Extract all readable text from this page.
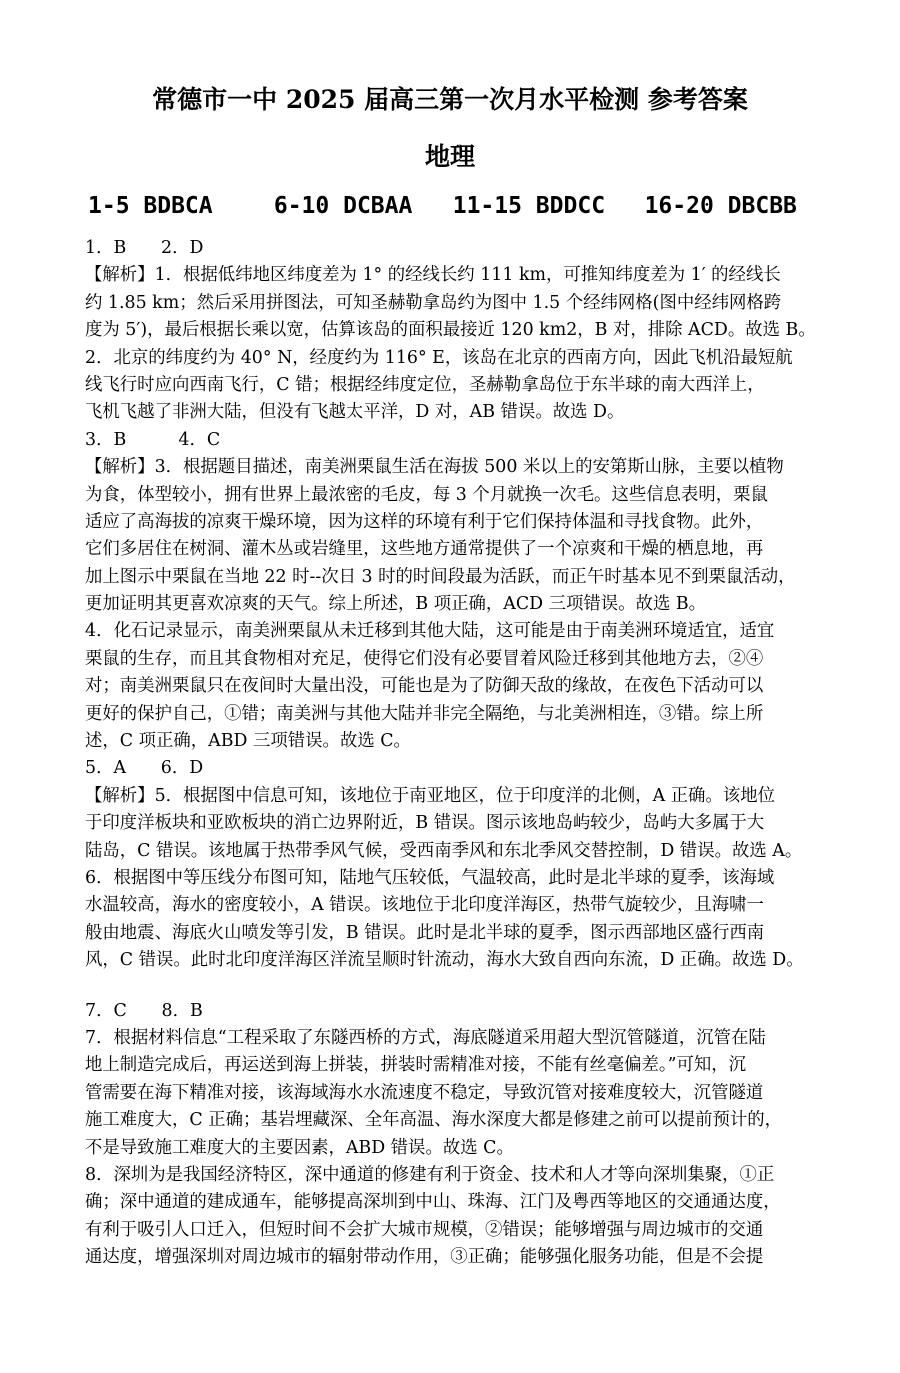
常德市一中 2025 届高三第一次月水平检测 参考答案
地理
1-5 BDBCA	6-10 DCBAA 11-15 BDDCC 16-20 DBCBB
1．B　　2．D
【解析】1．根据低纬地区纬度差为 1° 的经线长约 111 km，可推知纬度差为 1′ 的经线长
约 1.85 km；然后采用拼图法，可知圣赫勒拿岛约为图中 1.5 个经纬网格(图中经纬网格跨
度为 5′)，最后根据长乘以宽，估算该岛的面积最接近 120 km2，B 对，排除 ACD。故选 B。
2．北京的纬度约为 40° N，经度约为 116° E，该岛在北京的西南方向，因此飞机沿最短航
线飞行时应向西南飞行，C 错；根据经纬度定位，圣赫勒拿岛位于东半球的南大西洋上，
飞机飞越了非洲大陆，但没有飞越太平洋，D 对，AB 错误。故选 D。
3．B　　　4．C
【解析】3．根据题目描述，南美洲栗鼠生活在海拔 500 米以上的安第斯山脉，主要以植物
为食，体型较小，拥有世界上最浓密的毛皮，每 3 个月就换一次毛。这些信息表明，栗鼠
适应了高海拔的凉爽干燥环境，因为这样的环境有利于它们保持体温和寻找食物。此外，
它们多居住在树洞、灌木丛或岩缝里，这些地方通常提供了一个凉爽和干燥的栖息地，再
加上图示中栗鼠在当地 22 时--次日 3 时的时间段最为活跃，而正午时基本见不到栗鼠活动，
更加证明其更喜欢凉爽的天气。综上所述，B 项正确，ACD 三项错误。故选 B。
4．化石记录显示，南美洲栗鼠从未迁移到其他大陆，这可能是由于南美洲环境适宜，适宜
栗鼠的生存，而且其食物相对充足，使得它们没有必要冒着风险迁移到其他地方去，②④
对；南美洲栗鼠只在夜间时大量出没，可能也是为了防御天敌的缘故，在夜色下活动可以
更好的保护自己，①错；南美洲与其他大陆并非完全隔绝，与北美洲相连，③错。综上所
述，C 项正确，ABD 三项错误。故选 C。
5．A　　6．D
【解析】5．根据图中信息可知，该地位于南亚地区，位于印度洋的北侧，A 正确。该地位
于印度洋板块和亚欧板块的消亡边界附近，B 错误。图示该地岛屿较少，岛屿大多属于大
陆岛，C 错误。该地属于热带季风气候，受西南季风和东北季风交替控制，D 错误。故选 A。
6．根据图中等压线分布图可知，陆地气压较低，气温较高，此时是北半球的夏季，该海域
水温较高，海水的密度较小，A 错误。该地位于北印度洋海区，热带气旋较少，且海啸一
般由地震、海底火山喷发等引发，B 错误。此时是北半球的夏季，图示西部地区盛行西南
风，C 错误。此时北印度洋海区洋流呈顺时针流动，海水大致自西向东流，D 正确。故选 D。
7．C　　8．B
7．根据材料信息“工程采取了东隧西桥的方式，海底隧道采用超大型沉管隧道，沉管在陆
地上制造完成后，再运送到海上拼装，拼装时需精准对接，不能有丝毫偏差。”可知，沉
管需要在海下精准对接，该海域海水水流速度不稳定，导致沉管对接难度较大，沉管隧道
施工难度大，C 正确；基岩埋藏深、全年高温、海水深度大都是修建之前可以提前预计的，
不是导致施工难度大的主要因素，ABD 错误。故选 C。
8．深圳为是我国经济特区，深中通道的修建有利于资金、技术和人才等向深圳集聚，①正
确；深中通道的建成通车，能够提高深圳到中山、珠海、江门及粤西等地区的交通通达度，
有利于吸引人口迁入，但短时间不会扩大城市规模，②错误；能够增强与周边城市的交通
通达度，增强深圳对周边城市的辐射带动作用，③正确；能够强化服务功能，但是不会提
